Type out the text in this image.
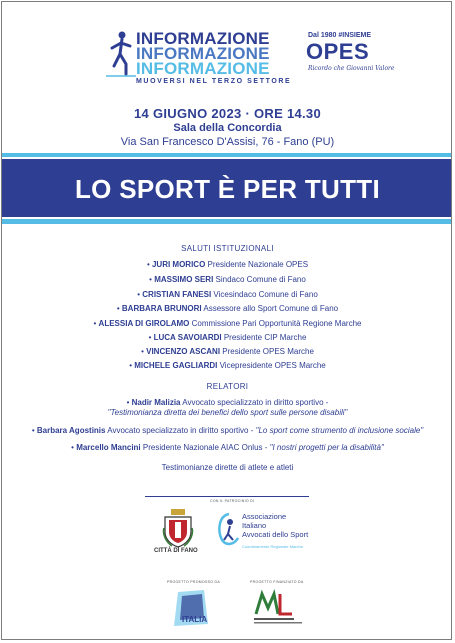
INFORMAZIONE
INFORMAZIONE
INFORMAZIONE
MUOVERSI NEL TERZO SETTORE
Dal 1980 #INSIEME
OPES
Ricordo che Giovanni Valore
14 GIUGNO 2023 · ORE 14.30
Sala della Concordia
Via San Francesco D'Assisi, 76 - Fano (PU)
LO SPORT È PER TUTTI
SALUTI ISTITUZIONALI
• JURI MORICO Presidente Nazionale OPES
• MASSIMO SERI Sindaco Comune di Fano
• CRISTIAN FANESI Vicesindaco Comune di Fano
• BARBARA BRUNORI Assessore allo Sport Comune di Fano
• ALESSIA DI GIROLAMO Commissione Pari Opportunità Regione Marche
• LUCA SAVOIARDI Presidente CIP Marche
• VINCENZO ASCANI Presidente OPES Marche
• MICHELE GAGLIARDI Vicepresidente OPES Marche
RELATORI
• Nadir Malizia Avvocato specializzato in diritto sportivo -
"Testimonianza diretta dei benefici dello sport sulle persone disabili"
• Barbara Agostinis Avvocato specializzato in diritto sportivo - "Lo sport come strumento di inclusione sociale"
• Marcello Mancini Presidente Nazionale AIAC Onlus - "I nostri progetti per la disabilità"
Testimonianze dirette di atlete e atleti
CON IL PATROCINIO DI
CITTÀ DI FANO
Associazione
Italiano
Avvocati dello Sport
Coordinamento Regionale Marche
PROGETTO PROMOSSO DA	PROGETTO FINANZIATO DA
ITALIA
